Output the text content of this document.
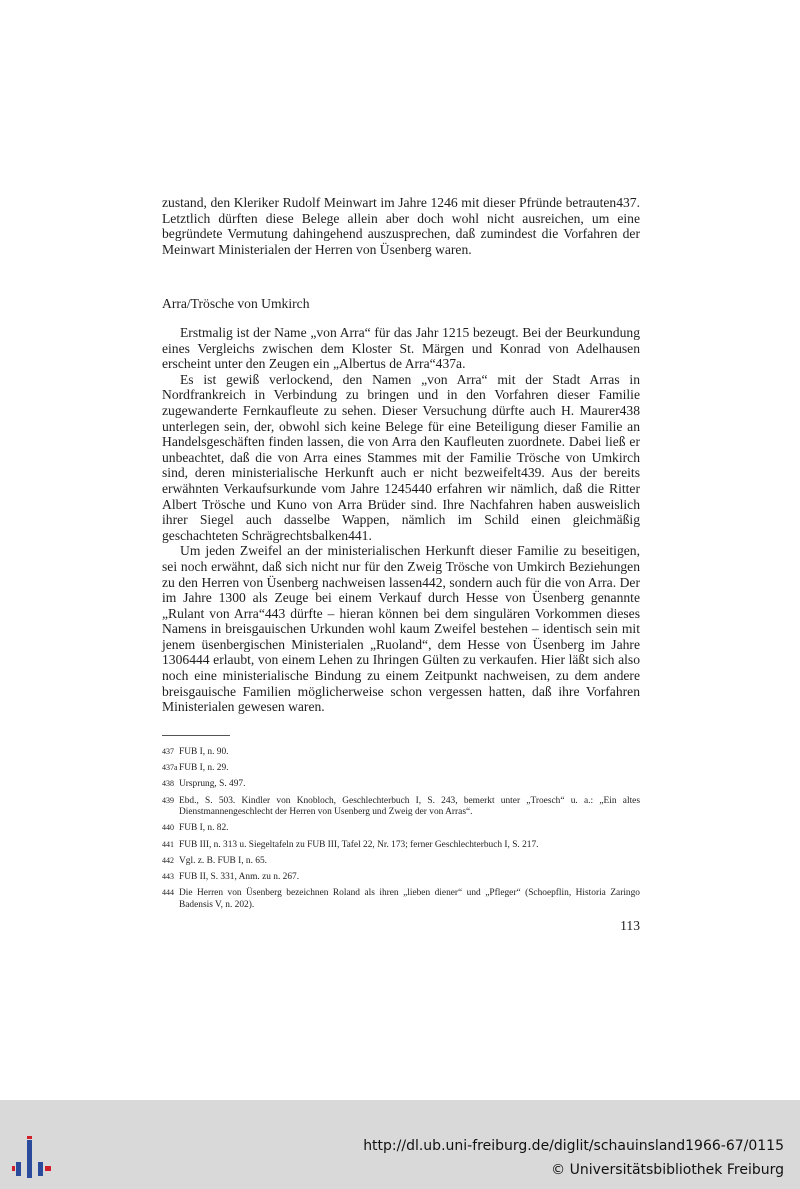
zustand, den Kleriker Rudolf Meinwart im Jahre 1246 mit dieser Pfründe betrauten437. Letztlich dürften diese Belege allein aber doch wohl nicht ausreichen, um eine begründete Vermutung dahingehend auszusprechen, daß zumindest die Vorfahren der Meinwart Ministerialen der Herren von Üsenberg waren.

Arra/Trösche von Umkirch

Erstmalig ist der Name „von Arra“ für das Jahr 1215 bezeugt. Bei der Beurkundung eines Vergleichs zwischen dem Kloster St. Märgen und Konrad von Adelhausen erscheint unter den Zeugen ein „Albertus de Arra“437a.

Es ist gewiß verlockend, den Namen „von Arra“ mit der Stadt Arras in Nordfrankreich in Verbindung zu bringen und in den Vorfahren dieser Familie zugewanderte Fernkaufleute zu sehen. Dieser Versuchung dürfte auch H. Maurer438 unterlegen sein, der, obwohl sich keine Belege für eine Beteiligung dieser Familie an Handelsgeschäften finden lassen, die von Arra den Kaufleuten zuordnete. Dabei ließ er unbeachtet, daß die von Arra eines Stammes mit der Familie Trösche von Umkirch sind, deren ministerialische Herkunft auch er nicht bezweifelt439. Aus der bereits erwähnten Verkaufsurkunde vom Jahre 1245440 erfahren wir nämlich, daß die Ritter Albert Trösche und Kuno von Arra Brüder sind. Ihre Nachfahren haben ausweislich ihrer Siegel auch dasselbe Wappen, nämlich im Schild einen gleichmäßig geschachteten Schrägrechtsbalken441.

Um jeden Zweifel an der ministerialischen Herkunft dieser Familie zu beseitigen, sei noch erwähnt, daß sich nicht nur für den Zweig Trösche von Umkirch Beziehungen zu den Herren von Üsenberg nachweisen lassen442, sondern auch für die von Arra. Der im Jahre 1300 als Zeuge bei einem Verkauf durch Hesse von Üsenberg genannte „Rulant von Arra“443 dürfte – hieran können bei dem singulären Vorkommen dieses Namens in breisgauischen Urkunden wohl kaum Zweifel bestehen – identisch sein mit jenem üsenbergischen Ministerialen „Ruoland“, dem Hesse von Üsenberg im Jahre 1306444 erlaubt, von einem Lehen zu Ihringen Gülten zu verkaufen. Hier läßt sich also noch eine ministerialische Bindung zu einem Zeitpunkt nachweisen, zu dem andere breisgauische Familien möglicherweise schon vergessen hatten, daß ihre Vorfahren Ministerialen gewesen waren.

437 FUB I, n. 90.

437aFUB I, n. 29.

438 Ursprung, S. 497.

439 Ebd., S. 503. Kindler von Knobloch, Geschlechterbuch I, S. 243, bemerkt unter „Troesch“ u. a.: „Ein altes Dienstmannengeschlecht der Herren von Usenberg und Zweig der von Arras“.

440 FUB I, n. 82.

441 FUB III, n. 313 u. Siegeltafeln zu FUB III, Tafel 22, Nr. 173; ferner Geschlechterbuch I, S. 217.

442 Vgl. z. B. FUB I, n. 65.

443 FUB II, S. 331, Anm. zu n. 267.

444 Die Herren von Üsenberg bezeichnen Roland als ihren „lieben diener“ und „Pfleger“ (Schoepflin, Historia Zaringo Badensis V, n. 202).

113
http://dl.ub.uni-freiburg.de/diglit/schauinsland1966-67/0115
© Universitätsbibliothek Freiburg
